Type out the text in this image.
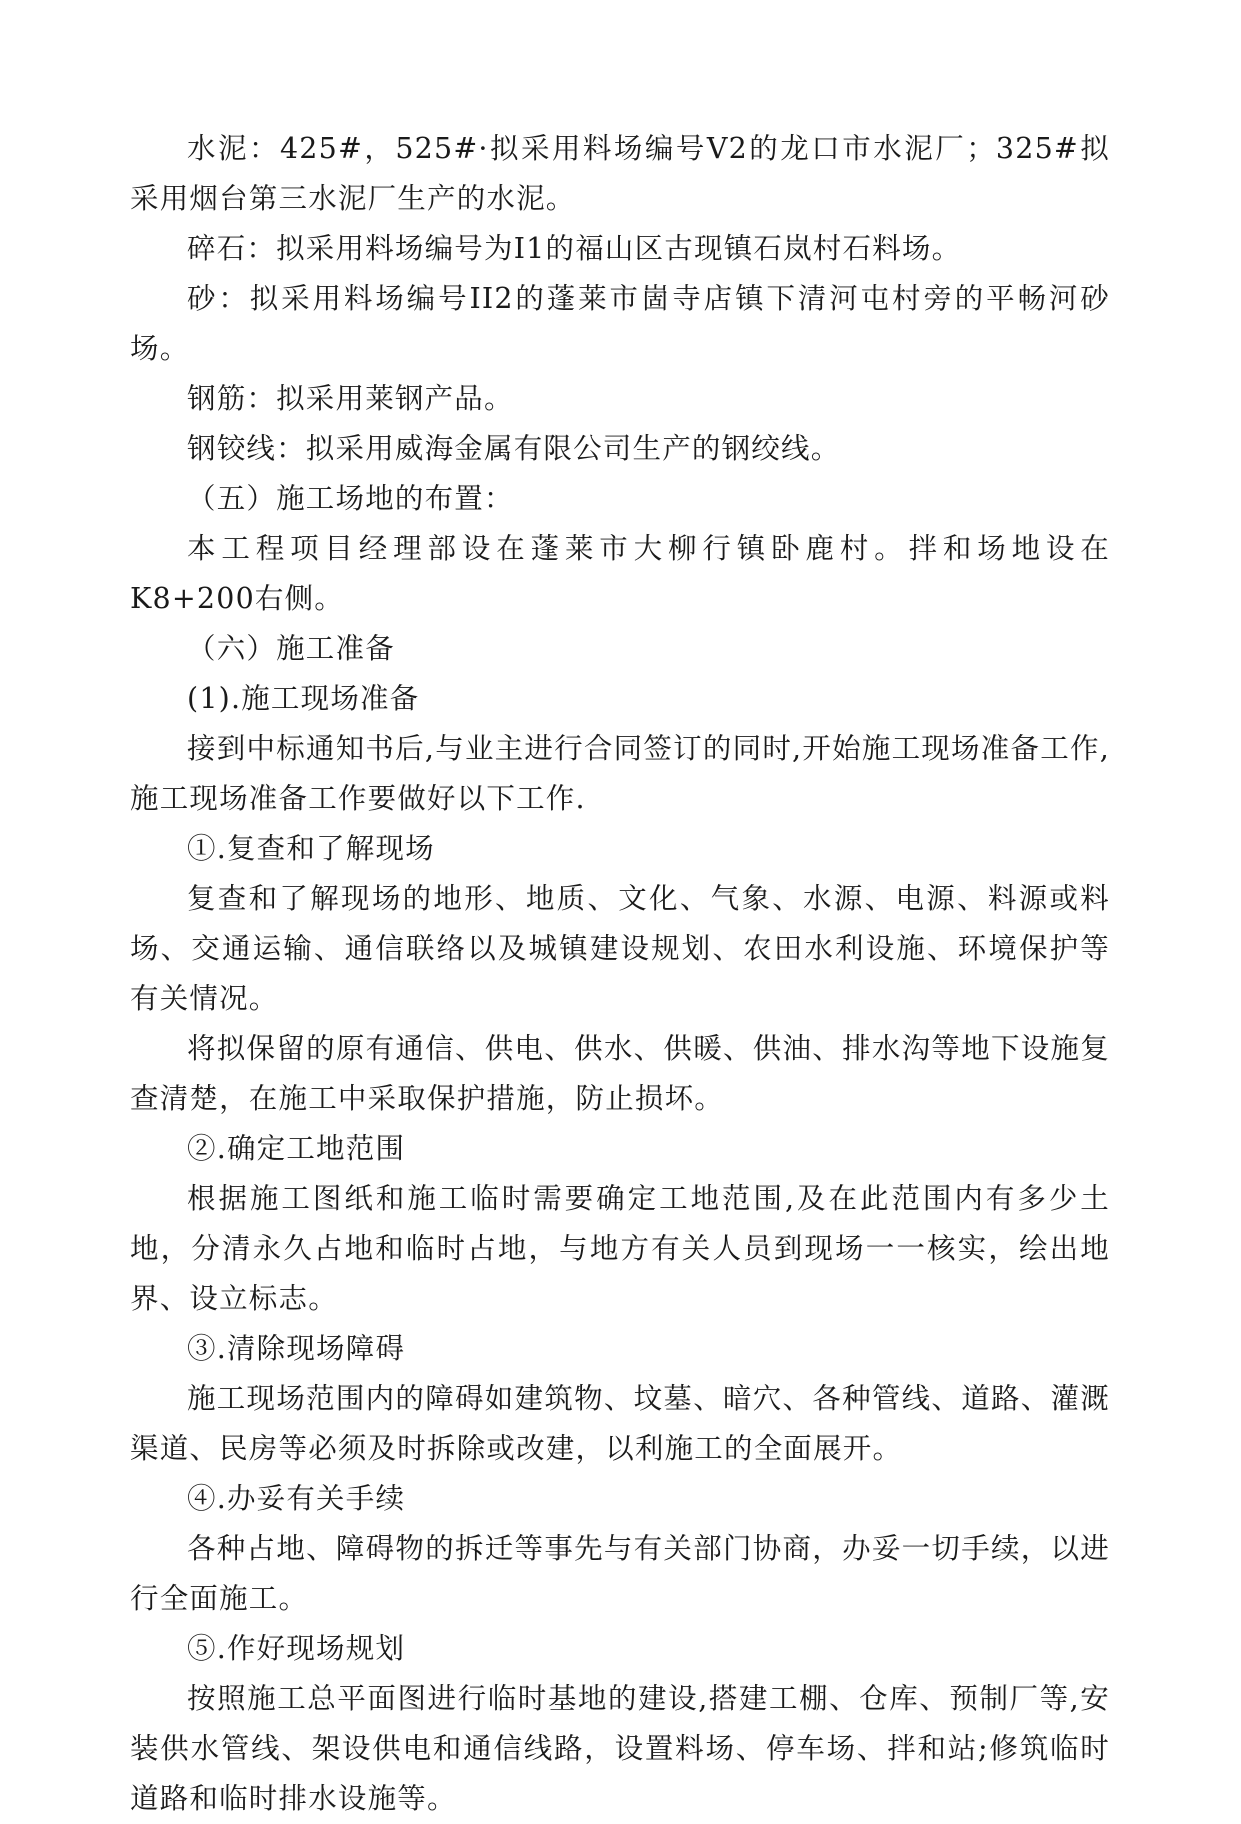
水泥：425#，525#·拟采用料场编号V2的龙口市水泥厂；325#拟采用烟台第三水泥厂生产的水泥。

碎石：拟采用料场编号为I1的福山区古现镇石岚村石料场。

砂：拟采用料场编号II2的蓬莱市崮寺店镇下清河屯村旁的平畅河砂场。

钢筋：拟采用莱钢产品。

钢铰线：拟采用威海金属有限公司生产的钢绞线。

（五）施工场地的布置：

本工程项目经理部设在蓬莱市大柳行镇卧鹿村。拌和场地设在K8+200右侧。

（六）施工准备

(1).施工现场准备

接到中标通知书后,与业主进行合同签订的同时,开始施工现场准备工作,施工现场准备工作要做好以下工作.

①.复查和了解现场

复查和了解现场的地形、地质、文化、气象、水源、电源、料源或料场、交通运输、通信联络以及城镇建设规划、农田水利设施、环境保护等有关情况。

将拟保留的原有通信、供电、供水、供暖、供油、排水沟等地下设施复查清楚，在施工中采取保护措施，防止损坏。

②.确定工地范围

根据施工图纸和施工临时需要确定工地范围,及在此范围内有多少土地，分清永久占地和临时占地，与地方有关人员到现场一一核实，绘出地界、设立标志。

③.清除现场障碍

施工现场范围内的障碍如建筑物、坟墓、暗穴、各种管线、道路、灌溉渠道、民房等必须及时拆除或改建，以利施工的全面展开。

④.办妥有关手续

各种占地、障碍物的拆迁等事先与有关部门协商，办妥一切手续，以进行全面施工。

⑤.作好现场规划

按照施工总平面图进行临时基地的建设,搭建工棚、仓库、预制厂等,安装供水管线、架设供电和通信线路，设置料场、停车场、拌和站;修筑临时道路和临时排水设施等。
